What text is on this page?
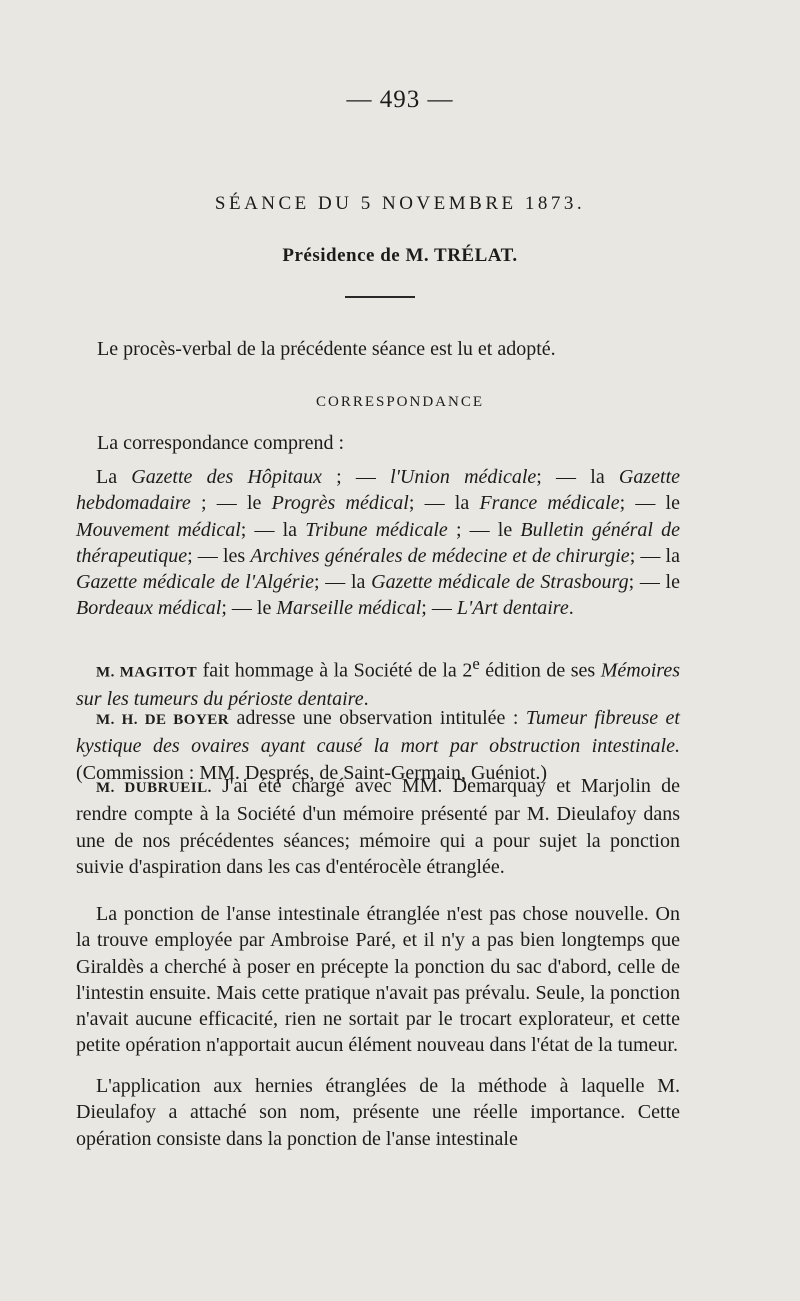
— 493 —
SÉANCE DU 5 NOVEMBRE 1873.
Présidence de M. TRÉLAT.
Le procès-verbal de la précédente séance est lu et adopté.
CORRESPONDANCE
La correspondance comprend :
La Gazette des Hôpitaux ; — l'Union médicale; — la Gazette hebdomadaire ; — le Progrès médical; — la France médicale; — le Mouvement médical; — la Tribune médicale ; — le Bulletin général de thérapeutique; — les Archives générales de médecine et de chirurgie; — la Gazette médicale de l'Algérie; — la Gazette médicale de Strasbourg; — le Bordeaux médical; — le Marseille médical; — L'Art dentaire.
M. MAGITOT fait hommage à la Société de la 2e édition de ses Mémoires sur les tumeurs du périoste dentaire.
M. H. DE BOYER adresse une observation intitulée : Tumeur fibreuse et kystique des ovaires ayant causé la mort par obstruction intestinale. (Commission : MM. Després, de Saint-Germain, Guéniot.)
M. DUBRUEIL. J'ai été chargé avec MM. Demarquay et Marjolin de rendre compte à la Société d'un mémoire présenté par M. Dieulafoy dans une de nos précédentes séances; mémoire qui a pour sujet la ponction suivie d'aspiration dans les cas d'entérocèle étranglée.
La ponction de l'anse intestinale étranglée n'est pas chose nouvelle. On la trouve employée par Ambroise Paré, et il n'y a pas bien longtemps que Giraldès a cherché à poser en précepte la ponction du sac d'abord, celle de l'intestin ensuite. Mais cette pratique n'avait pas prévalu. Seule, la ponction n'avait aucune efficacité, rien ne sortait par le trocart explorateur, et cette petite opération n'apportait aucun élément nouveau dans l'état de la tumeur.
L'application aux hernies étranglées de la méthode à laquelle M. Dieulafoy a attaché son nom, présente une réelle importance. Cette opération consiste dans la ponction de l'anse intestinale
